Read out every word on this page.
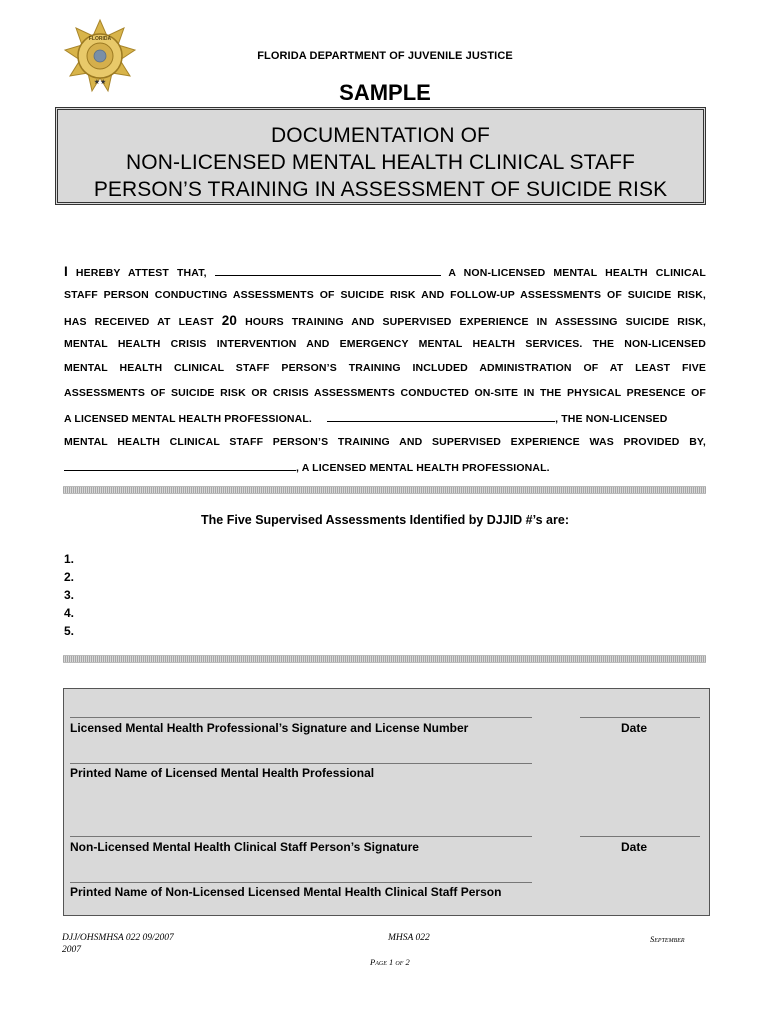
FLORIDA
★★
FLORIDA DEPARTMENT OF JUVENILE JUSTICE
SAMPLE
DOCUMENTATION OF
NON-LICENSED MENTAL HEALTH CLINICAL STAFF
PERSON’S TRAINING IN ASSESSMENT OF SUICIDE RISK
I HEREBY ATTEST THAT,	A NON-LICENSED MENTAL HEALTH CLINICAL
STAFF PERSON CONDUCTING ASSESSMENTS OF SUICIDE RISK AND FOLLOW-UP ASSESSMENTS OF SUICIDE RISK,
HAS RECEIVED AT LEAST 20 HOURS TRAINING AND SUPERVISED EXPERIENCE IN ASSESSING SUICIDE RISK,
MENTAL HEALTH CRISIS INTERVENTION AND EMERGENCY MENTAL HEALTH SERVICES. THE NON-LICENSED
MENTAL HEALTH CLINICAL STAFF PERSON’S TRAINING INCLUDED ADMINISTRATION OF AT LEAST FIVE
ASSESSMENTS OF SUICIDE RISK OR CRISIS ASSESSMENTS CONDUCTED ON-SITE IN THE PHYSICAL PRESENCE OF
A LICENSED MENTAL HEALTH PROFESSIONAL.	, THE NON-LICENSED
MENTAL HEALTH CLINICAL STAFF PERSON’S TRAINING AND SUPERVISED EXPERIENCE WAS PROVIDED BY,
, A LICENSED MENTAL HEALTH PROFESSIONAL.
The Five Supervised Assessments Identified by DJJID #’s are:
1.
2.
3.
4.
5.
Licensed Mental Health Professional’s Signature and License Number	Date
Printed Name of Licensed Mental Health Professional
Non-Licensed Mental Health Clinical Staff Person’s Signature	Date
Printed Name of Non-Licensed Licensed Mental Health Clinical Staff Person
DJJ/OHSMHSA 022 09/2007
2007
MHSA 022	September
Page 1 of 2
